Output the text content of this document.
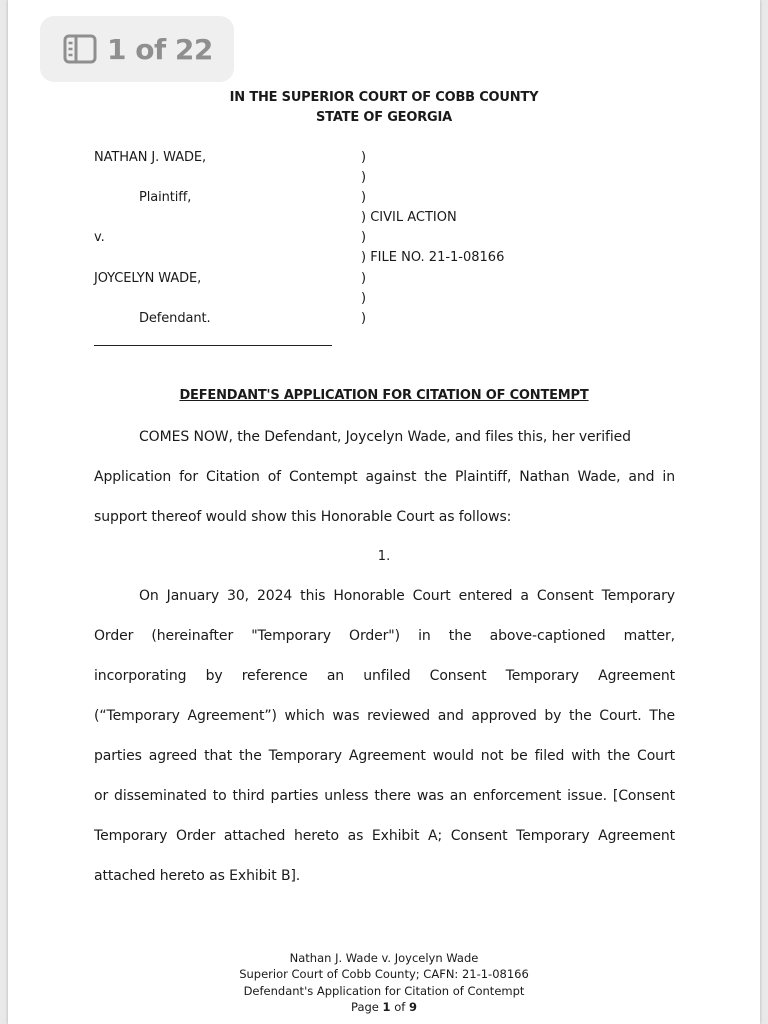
1 of 22
IN THE SUPERIOR COURT OF COBB COUNTY
STATE OF GEORGIA
NATHAN J. WADE,
Plaintiff,
v.
JOYCELYN WADE,
Defendant.
)
)
)
) CIVIL ACTION
)
) FILE NO. 21-1-08166
)
)
)
DEFENDANT'S APPLICATION FOR CITATION OF CONTEMPT
COMES NOW, the Defendant, Joycelyn Wade, and files this, her verified
Application for Citation of Contempt against the Plaintiff, Nathan Wade, and in
support thereof would show this Honorable Court as follows:
1.
On January 30, 2024 this Honorable Court entered a Consent Temporary
Order (hereinafter "Temporary Order") in the above-captioned matter,
incorporating by reference an unfiled Consent Temporary Agreement
(“Temporary Agreement”) which was reviewed and approved by the Court. The
parties agreed that the Temporary Agreement would not be filed with the Court
or disseminated to third parties unless there was an enforcement issue. [Consent
Temporary Order attached hereto as Exhibit A; Consent Temporary Agreement
attached hereto as Exhibit B].
Nathan J. Wade v. Joycelyn Wade
Superior Court of Cobb County; CAFN: 21-1-08166
Defendant's Application for Citation of Contempt
Page 1 of 9
